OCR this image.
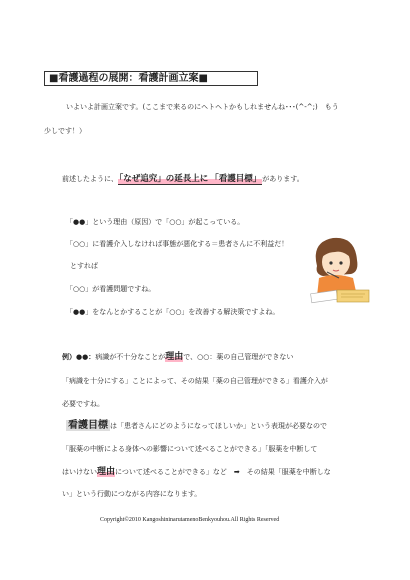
■看護過程の展開：看護計画立案■
いよいよ計画立案です。(ここまで来るのにヘトヘトかもしれませんね･･･(^-^;)　もう
少しです！）
前述したように、「なぜ追究」の延長上に 「看護目標」があります。
「●●」という理由（原因）で「○○」が起こっている。
「○○」に看護介入しなければ事態が悪化する＝患者さんに不利益だ！
とすれば
「○○」が看護問題ですね。
「●●」をなんとかすることが「○○」を改善する解決策ですよね。
例）●●：病識が不十分なことが理由で、○○：薬の自己管理ができない
「病識を十分にする」ことによって、その結果「薬の自己管理ができる」看護介入が
必要ですね。
看護目標 は「患者さんにどのようになってほしいか」という表現が必要なので
「服薬の中断による身体への影響について述べることができる」「服薬を中断して
はいけない理由について述べることができる」など　➡　その結果「服薬を中断しな
い」という行動につながる内容になります。
Copyright©2010 KangoshininarutamenoBenkyouhou.All Rights Reserved
